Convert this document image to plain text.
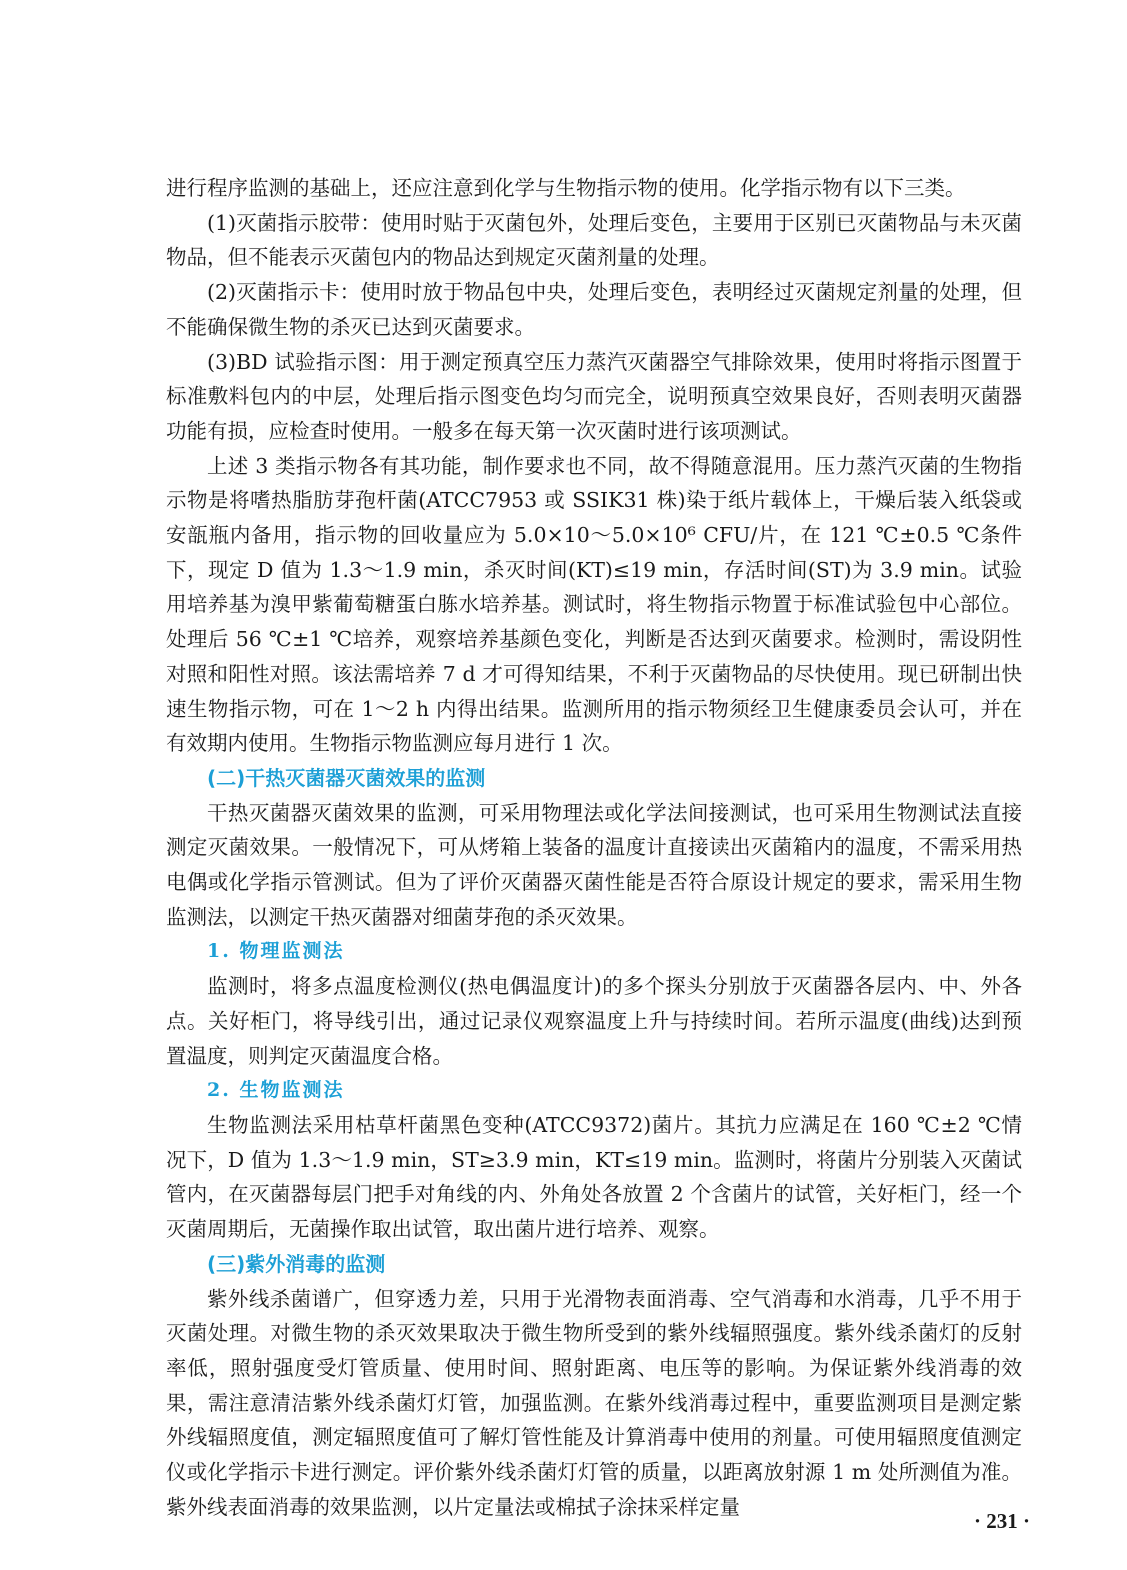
进行程序监测的基础上，还应注意到化学与生物指示物的使用。化学指示物有以下三类。

(1)灭菌指示胶带：使用时贴于灭菌包外，处理后变色，主要用于区别已灭菌物品与未灭菌物品，但不能表示灭菌包内的物品达到规定灭菌剂量的处理。

(2)灭菌指示卡：使用时放于物品包中央，处理后变色，表明经过灭菌规定剂量的处理，但不能确保微生物的杀灭已达到灭菌要求。

(3)BD 试验指示图：用于测定预真空压力蒸汽灭菌器空气排除效果，使用时将指示图置于标准敷料包内的中层，处理后指示图变色均匀而完全，说明预真空效果良好，否则表明灭菌器功能有损，应检查时使用。一般多在每天第一次灭菌时进行该项测试。

上述 3 类指示物各有其功能，制作要求也不同，故不得随意混用。压力蒸汽灭菌的生物指示物是将嗜热脂肪芽孢杆菌(ATCC7953 或 SSIK31 株)染于纸片载体上，干燥后装入纸袋或安瓿瓶内备用，指示物的回收量应为 5.0×10～5.0×10⁶ CFU/片，在 121 ℃±0.5 ℃条件下，现定 D 值为 1.3～1.9 min，杀灭时间(KT)≤19 min，存活时间(ST)为 3.9 min。试验用培养基为溴甲紫葡萄糖蛋白胨水培养基。测试时，将生物指示物置于标准试验包中心部位。处理后 56 ℃±1 ℃培养，观察培养基颜色变化，判断是否达到灭菌要求。检测时，需设阴性对照和阳性对照。该法需培养 7 d 才可得知结果，不利于灭菌物品的尽快使用。现已研制出快速生物指示物，可在 1～2 h 内得出结果。监测所用的指示物须经卫生健康委员会认可，并在有效期内使用。生物指示物监测应每月进行 1 次。

(二)干热灭菌器灭菌效果的监测

干热灭菌器灭菌效果的监测，可采用物理法或化学法间接测试，也可采用生物测试法直接测定灭菌效果。一般情况下，可从烤箱上装备的温度计直接读出灭菌箱内的温度，不需采用热电偶或化学指示管测试。但为了评价灭菌器灭菌性能是否符合原设计规定的要求，需采用生物监测法，以测定干热灭菌器对细菌芽孢的杀灭效果。

1. 物理监测法

监测时，将多点温度检测仪(热电偶温度计)的多个探头分别放于灭菌器各层内、中、外各点。关好柜门，将导线引出，通过记录仪观察温度上升与持续时间。若所示温度(曲线)达到预置温度，则判定灭菌温度合格。

2. 生物监测法

生物监测法采用枯草杆菌黑色变种(ATCC9372)菌片。其抗力应满足在 160 ℃±2 ℃情况下，D 值为 1.3～1.9 min，ST≥3.9 min，KT≤19 min。监测时，将菌片分别装入灭菌试管内，在灭菌器每层门把手对角线的内、外角处各放置 2 个含菌片的试管，关好柜门，经一个灭菌周期后，无菌操作取出试管，取出菌片进行培养、观察。

(三)紫外消毒的监测

紫外线杀菌谱广，但穿透力差，只用于光滑物表面消毒、空气消毒和水消毒，几乎不用于灭菌处理。对微生物的杀灭效果取决于微生物所受到的紫外线辐照强度。紫外线杀菌灯的反射率低，照射强度受灯管质量、使用时间、照射距离、电压等的影响。为保证紫外线消毒的效果，需注意清洁紫外线杀菌灯灯管，加强监测。在紫外线消毒过程中，重要监测项目是测定紫外线辐照度值，测定辐照度值可了解灯管性能及计算消毒中使用的剂量。可使用辐照度值测定仪或化学指示卡进行测定。评价紫外线杀菌灯灯管的质量，以距离放射源 1 m 处所测值为准。紫外线表面消毒的效果监测，以片定量法或棉拭子涂抹采样定量

· 231 ·
